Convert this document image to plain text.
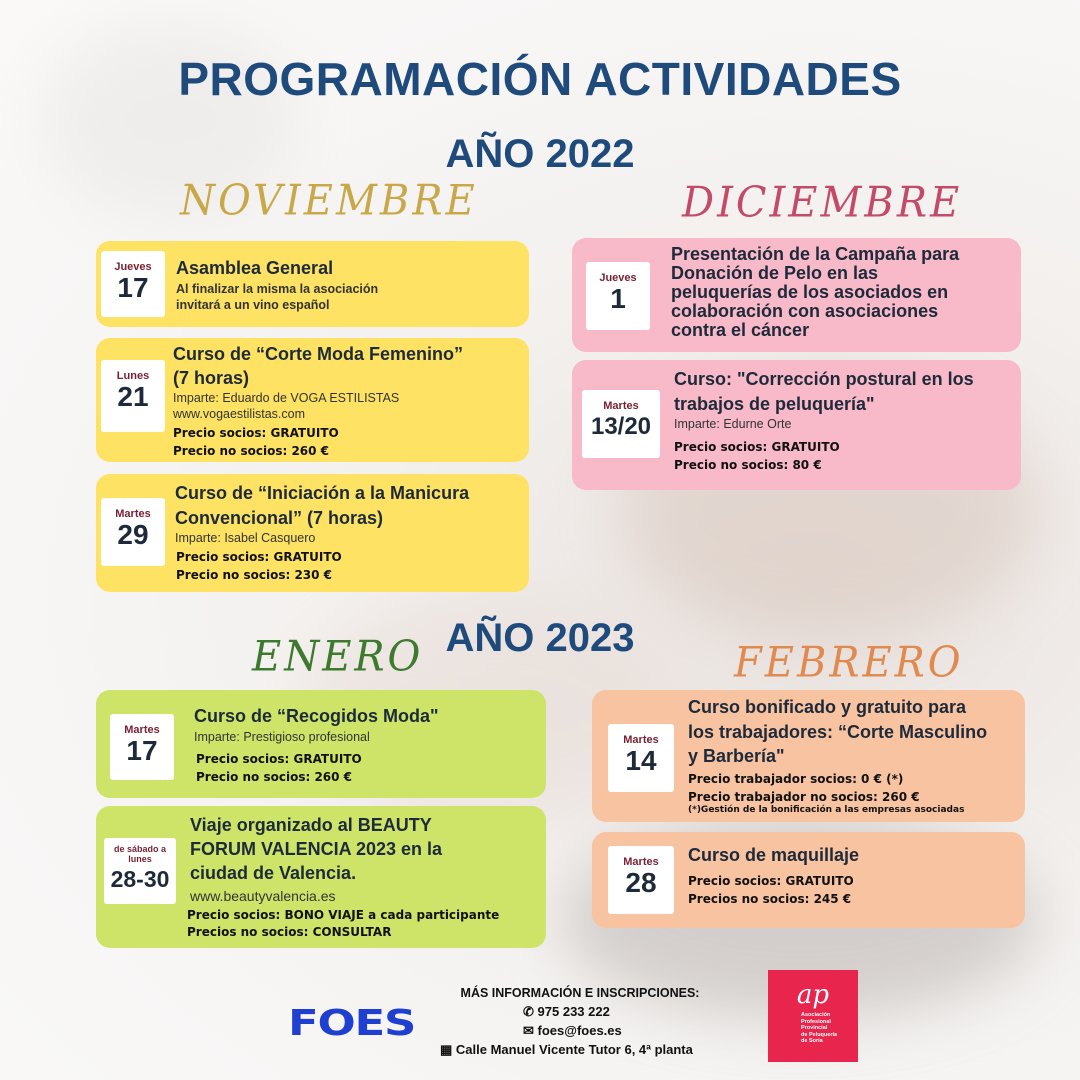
PROGRAMACIÓN ACTIVIDADES
AÑO 2022
NOVIEMBRE	DICIEMBRE
Jueves
17
Asamblea General
Al finalizar la misma la asociación
invitará a un vino español
Lunes
21
Curso de “Corte Moda Femenino”
(7 horas)
Imparte: Eduardo de VOGA ESTILISTAS
www.vogaestilistas.com
Precio socios: GRATUITO
Precio no socios: 260 €
Martes
29
Curso de “Iniciación a la Manicura
Convencional” (7 horas)
Imparte: Isabel Casquero
Precio socios: GRATUITO
Precio no socios: 230 €
Jueves
1
Presentación de la Campaña para
Donación de Pelo en las
peluquerías de los asociados en
colaboración con asociaciones
contra el cáncer
Martes
13/20
Curso: "Corrección postural en los
trabajos de peluquería"
Imparte: Edurne Orte
Precio socios: GRATUITO
Precio no socios: 80 €
AÑO 2023
ENERO	FEBRERO
Martes
17
Curso de “Recogidos Moda"
Imparte: Prestigioso profesional
Precio socios: GRATUITO
Precio no socios: 260 €
de sábado a
lunes
28-30
Viaje organizado al BEAUTY
FORUM VALENCIA 2023 en la
ciudad de Valencia.
www.beautyvalencia.es
Precio socios: BONO VIAJE a cada participante
Precios no socios: CONSULTAR
Martes
14
Curso bonificado y gratuito para
los trabajadores: “Corte Masculino
y Barbería"
Precio trabajador socios: 0 € (*)
Precio trabajador no socios: 260 €
(*)Gestión de la bonificación a las empresas asociadas
Martes
28
Curso de maquillaje
Precio socios: GRATUITO
Precios no socios: 245 €
FOES
MÁS INFORMACIÓN E INSCRIPCIONES:
✆ 975 233 222
✉ foes@foes.es
▦ Calle Manuel Vicente Tutor 6, 4ª planta
ap
Asociación
Profesional
Provincial
de Peluquería
de Soria
